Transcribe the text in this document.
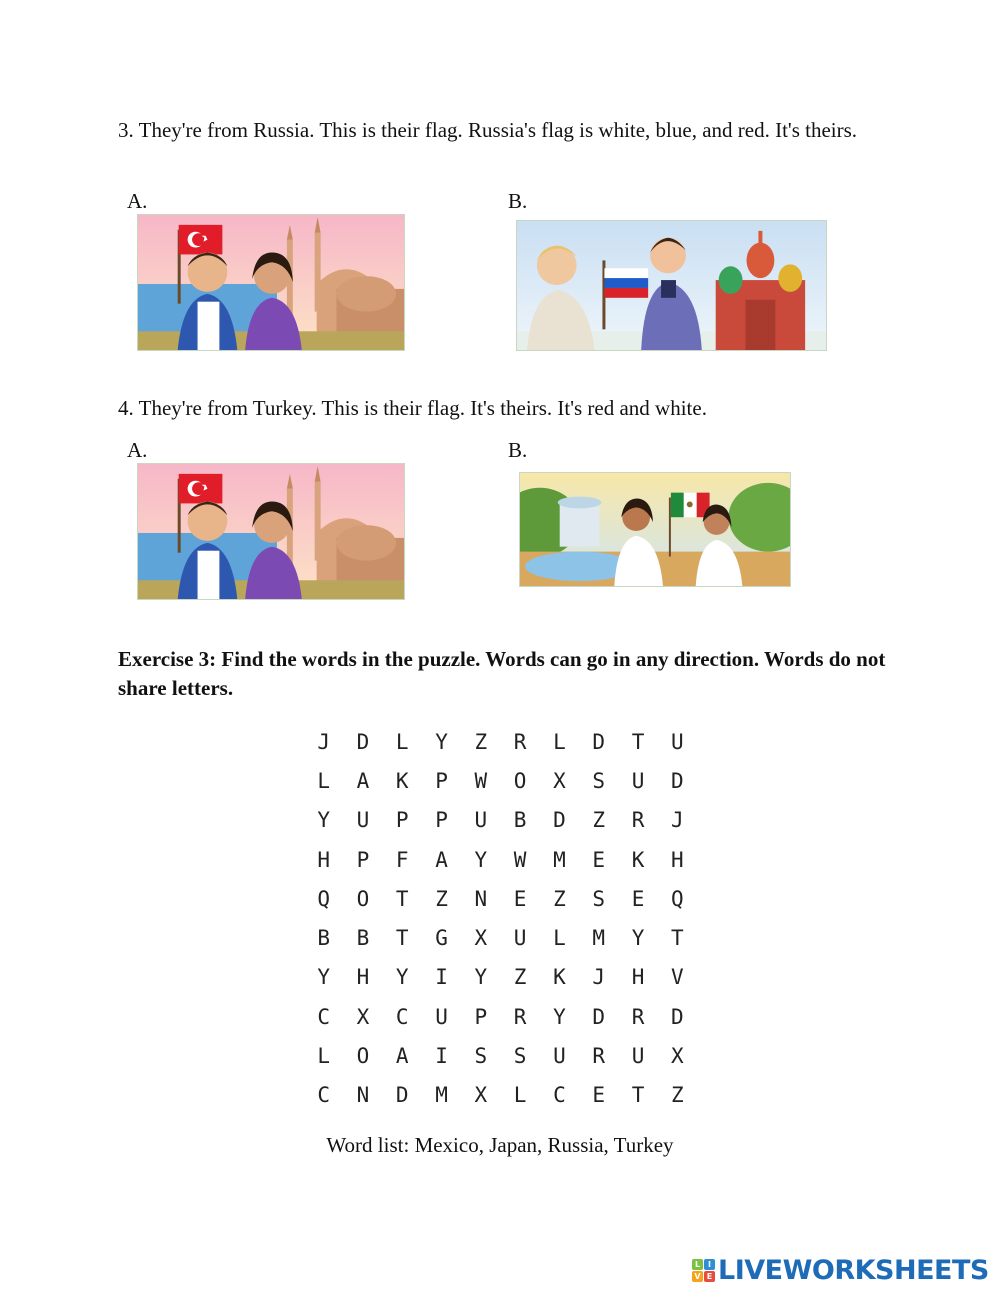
3. They're from Russia. This is their flag. Russia's flag is white, blue, and red. It's theirs.
A.	B.
4. They're from Turkey. This is their flag. It's theirs. It's red and white.
A.	B.
Exercise 3: Find the words in the puzzle. Words can go in any direction. Words do not share letters.
J	D	L	Y	Z	R	L	D	T	U
L	A	K	P	W	O	X	S	U	D
Y	U	P	P	U	B	D	Z	R	J
H	P	F	A	Y	W	M	E	K	H
Q	O	T	Z	N	E	Z	S	E	Q
B	B	T	G	X	U	L	M	Y	T
Y	H	Y	I	Y	Z	K	J	H	V
C	X	C	U	P	R	Y	D	R	D
L	O	A	I	S	S	U	R	U	X
C	N	D	M	X	L	C	E	T	Z
Word list: Mexico, Japan, Russia, Turkey
L I
V E LIVEWORKSHEETS
